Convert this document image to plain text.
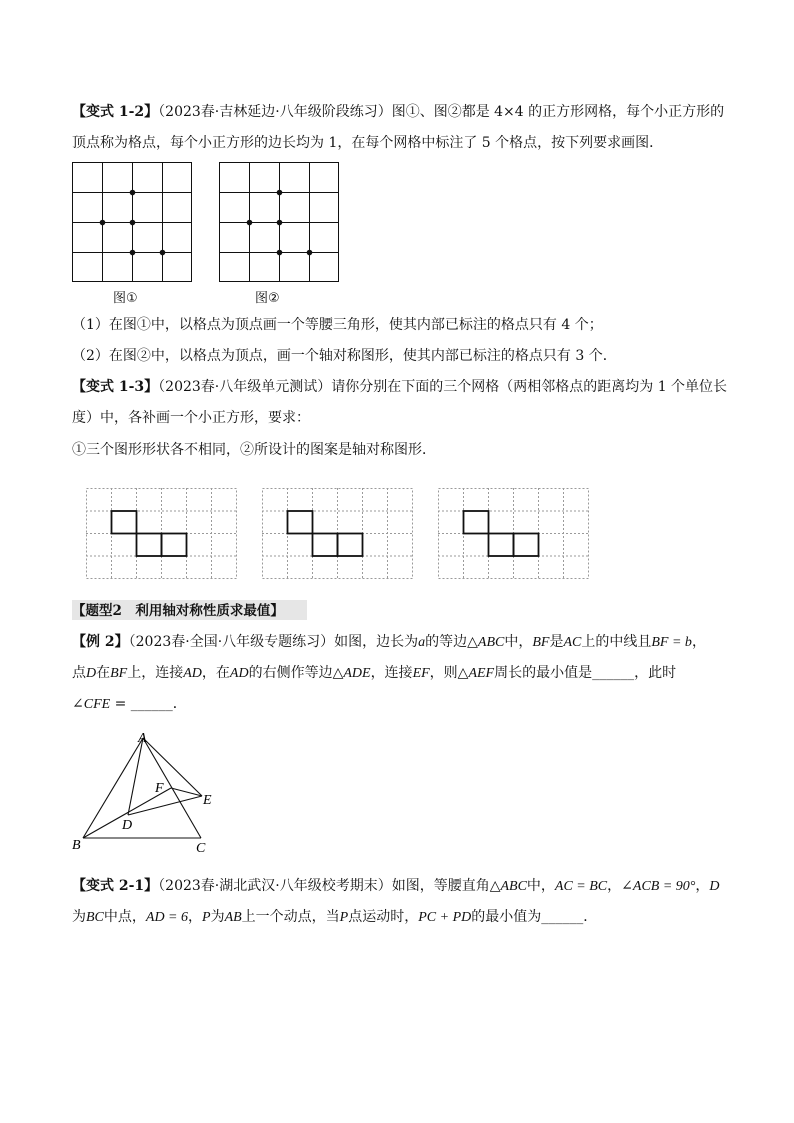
【变式 1-2】（2023春·吉林延边·八年级阶段练习）图①、图②都是 4×4 的正方形网格，每个小正方形的
顶点称为格点，每个小正方形的边长均为 1，在每个网格中标注了 5 个格点，按下列要求画图．
图①	图②
（1）在图①中，以格点为顶点画一个等腰三角形，使其内部已标注的格点只有 4 个；
（2）在图②中，以格点为顶点，画一个轴对称图形，使其内部已标注的格点只有 3 个．
【变式 1-3】（2023春·八年级单元测试）请你分别在下面的三个网格（两相邻格点的距离均为 1 个单位长
度）中，各补画一个小正方形，要求：
①三个图形形状各不相同，②所设计的图案是轴对称图形．
【题型2　利用轴对称性质求最值】
【例 2】（2023春·全国·八年级专题练习）如图，边长为a的等边△ABC中，BF是AC上的中线且BF = b，
点D在BF上，连接AD，在AD的右侧作等边△ADE，连接EF，则△AEF周长的最小值是______，此时
∠CFE = ______．
A
B	C
D
E
F
【变式 2-1】（2023春·湖北武汉·八年级校考期末）如图，等腰直角△ABC中，AC = BC，∠ACB = 90°，D
为BC中点，AD = 6，P为AB上一个动点，当P点运动时，PC + PD的最小值为______．
